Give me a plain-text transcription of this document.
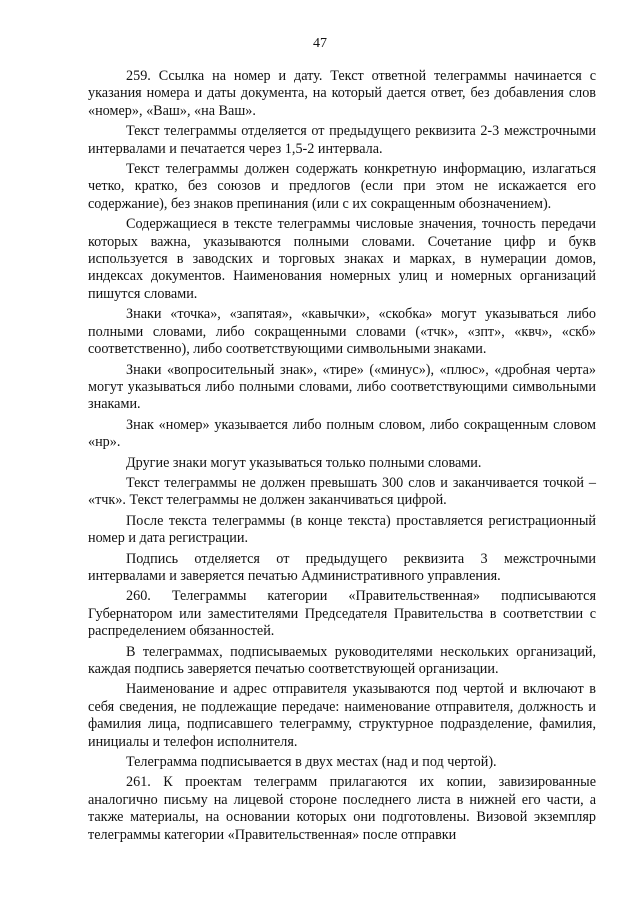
47

259. Ссылка на номер и дату. Текст ответной телеграммы начинается с указания номера и даты документа, на который дается ответ, без добавления слов «номер», «Ваш», «на Ваш».

Текст телеграммы отделяется от предыдущего реквизита 2-3 межстрочными интервалами и печатается через 1,5-2 интервала.

Текст телеграммы должен содержать конкретную информацию, излагаться четко, кратко, без союзов и предлогов (если при этом не искажается его содержание), без знаков препинания (или с их сокращенным обозначением).

Содержащиеся в тексте телеграммы числовые значения, точность передачи которых важна, указываются полными словами. Сочетание цифр и букв используется в заводских и торговых знаках и марках, в нумерации домов, индексах документов. Наименования номерных улиц и номерных организаций пишутся словами.

Знаки «точка», «запятая», «кавычки», «скобка» могут указываться либо полными словами, либо сокращенными словами («тчк», «зпт», «квч», «скб» соответственно), либо соответствующими символьными знаками.

Знаки «вопросительный знак», «тире» («минус»), «плюс», «дробная черта» могут указываться либо полными словами, либо соответствующими символьными знаками.

Знак «номер» указывается либо полным словом, либо сокращенным словом «нр».

Другие знаки могут указываться только полными словами.

Текст телеграммы не должен превышать 300 слов и заканчивается точкой – «тчк». Текст телеграммы не должен заканчиваться цифрой.

После текста телеграммы (в конце текста) проставляется регистрационный номер и дата регистрации.

Подпись отделяется от предыдущего реквизита 3 межстрочными интервалами и заверяется печатью Административного управления.

260. Телеграммы категории «Правительственная» подписываются Губернатором или заместителями Председателя Правительства в соответствии с распределением обязанностей.

В телеграммах, подписываемых руководителями нескольких организаций, каждая подпись заверяется печатью соответствующей организации.

Наименование и адрес отправителя указываются под чертой и включают в себя сведения, не подлежащие передаче: наименование отправителя, должность и фамилия лица, подписавшего телеграмму, структурное подразделение, фамилия, инициалы и телефон исполнителя.

Телеграмма подписывается в двух местах (над и под чертой).

261. К проектам телеграмм прилагаются их копии, завизированные аналогично письму на лицевой стороне последнего листа в нижней его части, а также материалы, на основании которых они подготовлены. Визовой экземпляр телеграммы категории «Правительственная» после отправки
